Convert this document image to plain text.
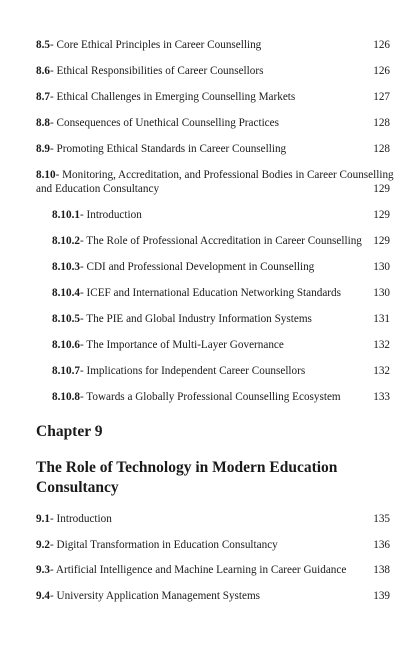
8.5- Core Ethical Principles in Career Counselling	126
8.6- Ethical Responsibilities of Career Counsellors	126
8.7- Ethical Challenges in Emerging Counselling Markets	127
8.8- Consequences of Unethical Counselling Practices	128
8.9- Promoting Ethical Standards in Career Counselling	128
8.10- Monitoring, Accreditation, and Professional Bodies in Career Counselling
and Education Consultancy	129
8.10.1- Introduction	129
8.10.2- The Role of Professional Accreditation in Career Counselling 129
8.10.3- CDI and Professional Development in Counselling	130
8.10.4- ICEF and International Education Networking Standards	130
8.10.5- The PIE and Global Industry Information Systems	131
8.10.6- The Importance of Multi-Layer Governance	132
8.10.7- Implications for Independent Career Counsellors	132
8.10.8- Towards a Globally Professional Counselling Ecosystem	133
Chapter 9
The Role of Technology in Modern Education
Consultancy
9.1- Introduction	135
9.2- Digital Transformation in Education Consultancy	136
9.3- Artificial Intelligence and Machine Learning in Career Guidance 138
9.4- University Application Management Systems	139
